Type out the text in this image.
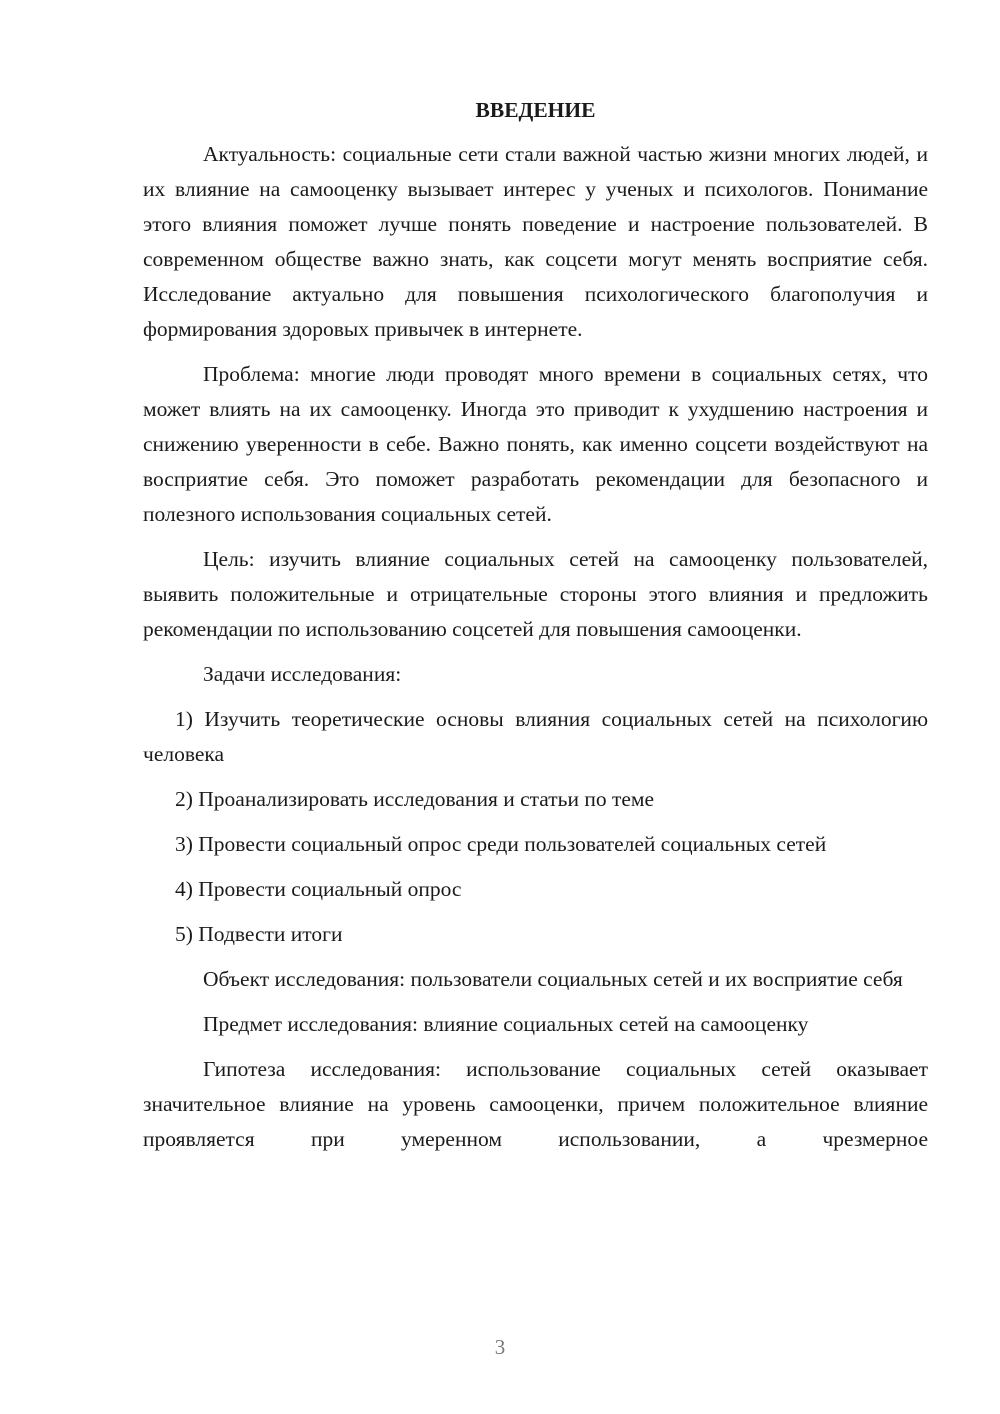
ВВЕДЕНИЕ
Актуальность: социальные сети стали важной частью жизни многих людей, и их влияние на самооценку вызывает интерес у ученых и психологов. Понимание этого влияния поможет лучше понять поведение и настроение пользователей. В современном обществе важно знать, как соцсети могут менять восприятие себя. Исследование актуально для повышения психологического благополучия и формирования здоровых привычек в интернете.
Проблема: многие люди проводят много времени в социальных сетях, что может влиять на их самооценку. Иногда это приводит к ухудшению настроения и снижению уверенности в себе. Важно понять, как именно соцсети воздействуют на восприятие себя. Это поможет разработать рекомендации для безопасного и полезного использования социальных сетей.
Цель: изучить влияние социальных сетей на самооценку пользователей, выявить положительные и отрицательные стороны этого влияния и предложить рекомендации по использованию соцсетей для повышения самооценки.
Задачи исследования:
1) Изучить теоретические основы влияния социальных сетей на психологию человека
2) Проанализировать исследования и статьи по теме
3) Провести социальный опрос среди пользователей социальных сетей
4) Провести социальный опрос
5) Подвести итоги
Объект исследования: пользователи социальных сетей и их восприятие себя
Предмет исследования: влияние социальных сетей на самооценку
Гипотеза исследования: использование социальных сетей оказывает значительное влияние на уровень самооценки, причем положительное влияние проявляется при умеренном использовании, а чрезмерное
3
